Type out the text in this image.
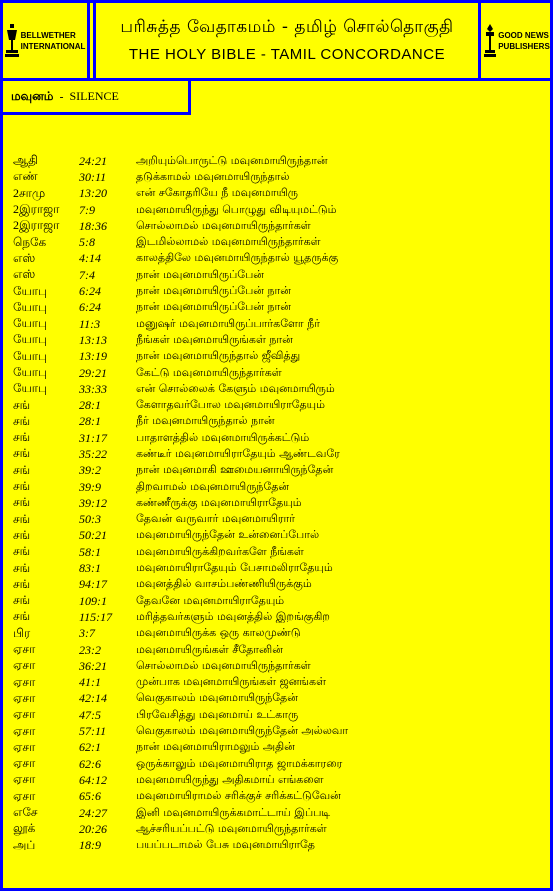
BELLWETHER
INTERNATIONAL
பரிசுத்த வேதாகமம் - தமிழ் சொல்தொகுதி
THE HOLY BIBLE - TAMIL CONCORDANCE
GOOD NEWS
PUBLISHERS
மவுனம் - SILENCE
ஆதி	24:21	அறியும்பொருட்டு மவுனமாயிருந்தான்
எண்	30:11	தடுக்காமல் மவுனமாயிருந்தால்
2சாமு	13:20	என் சகோதரியே நீ மவுனமாயிரு
2இராஜா	7:9	மவுனமாயிருந்து பொழுது விடியுமட்டும்
2இராஜா	18:36	சொல்லாமல் மவுனமாயிருந்தார்கள்
நெகே	5:8	இடமில்லாமல் மவுனமாயிருந்தார்கள்
எஸ்	4:14	காலத்திலே மவுனமாயிருந்தால் யூதருக்கு
எஸ்	7:4	நான் மவுனமாயிருப்பேன்
யோபு	6:24	நான் மவுனமாயிருப்பேன் நான்
யோபு	6:24	நான் மவுனமாயிருப்பேன் நான்
யோபு	11:3	மனுஷர் மவுனமாயிருப்பார்களோ நீர்
யோபு	13:13	நீங்கள் மவுனமாயிருங்கள் நான்
யோபு	13:19	நான் மவுனமாயிருந்தால் ஜீவித்து
யோபு	29:21	கேட்டு மவுனமாயிருந்தார்கள்
யோபு	33:33	என் சொல்லைக் கேளும் மவுனமாயிரும்
சங்	28:1	கேளாதவர்போல மவுனமாயிராதேயும்
சங்	28:1	நீர் மவுனமாயிருந்தால் நான்
சங்	31:17	பாதாளத்தில் மவுனமாயிருக்கட்டும்
சங்	35:22	கண்டீர் மவுனமாயிராதேயும் ஆண்டவரே
சங்	39:2	நான் மவுனமாகி ஊமையனாயிருந்தேன்
சங்	39:9	திறவாமல் மவுனமாயிருந்தேன்
சங்	39:12	கண்ணீருக்கு மவுனமாயிராதேயும்
சங்	50:3	தேவன் வருவார் மவுனமாயிரார்
சங்	50:21	மவுனமாயிருந்தேன் உன்னைப்போல்
சங்	58:1	மவுனமாயிருக்கிறவர்களே நீங்கள்
சங்	83:1	மவுனமாயிராதேயும் பேசாமலிராதேயும்
சங்	94:17	மவுனத்தில் வாசம்பண்ணியிருக்கும்
சங்	109:1	தேவனே மவுனமாயிராதேயும்
சங்	115:17	மரித்தவர்களும் மவுனத்தில் இறங்குகிற
பிர	3:7	மவுனமாயிருக்க ஒரு காலமுண்டு
ஏசா	23:2	மவுனமாயிருங்கள் சீதோனின்
ஏசா	36:21	சொல்லாமல் மவுனமாயிருந்தார்கள்
ஏசா	41:1	முன்பாக மவுனமாயிருங்கள் ஜனங்கள்
ஏசா	42:14	வெகுகாலம் மவுனமாயிருந்தேன்
ஏசா	47:5	பிரவேசித்து மவுனமாய் உட்காரு
ஏசா	57:11	வெகுகாலம் மவுனமாயிருந்தேன் அல்லவா
ஏசா	62:1	நான் மவுனமாயிராமலும் அதின்
ஏசா	62:6	ஒருக்காலும் மவுனமாயிராத ஜாமக்காரரை
ஏசா	64:12	மவுனமாயிருந்து அதிகமாய் எங்களை
ஏசா	65:6	மவுனமாயிராமல் சரிக்குச் சரிக்கட்டுவேன்
எசே	24:27	இனி மவுனமாயிருக்கமாட்டாய் இப்படி
லூக்	20:26	ஆச்சரியப்பட்டு மவுனமாயிருந்தார்கள்
அப்	18:9	பயப்படாமல் பேசு மவுனமாயிராதே
